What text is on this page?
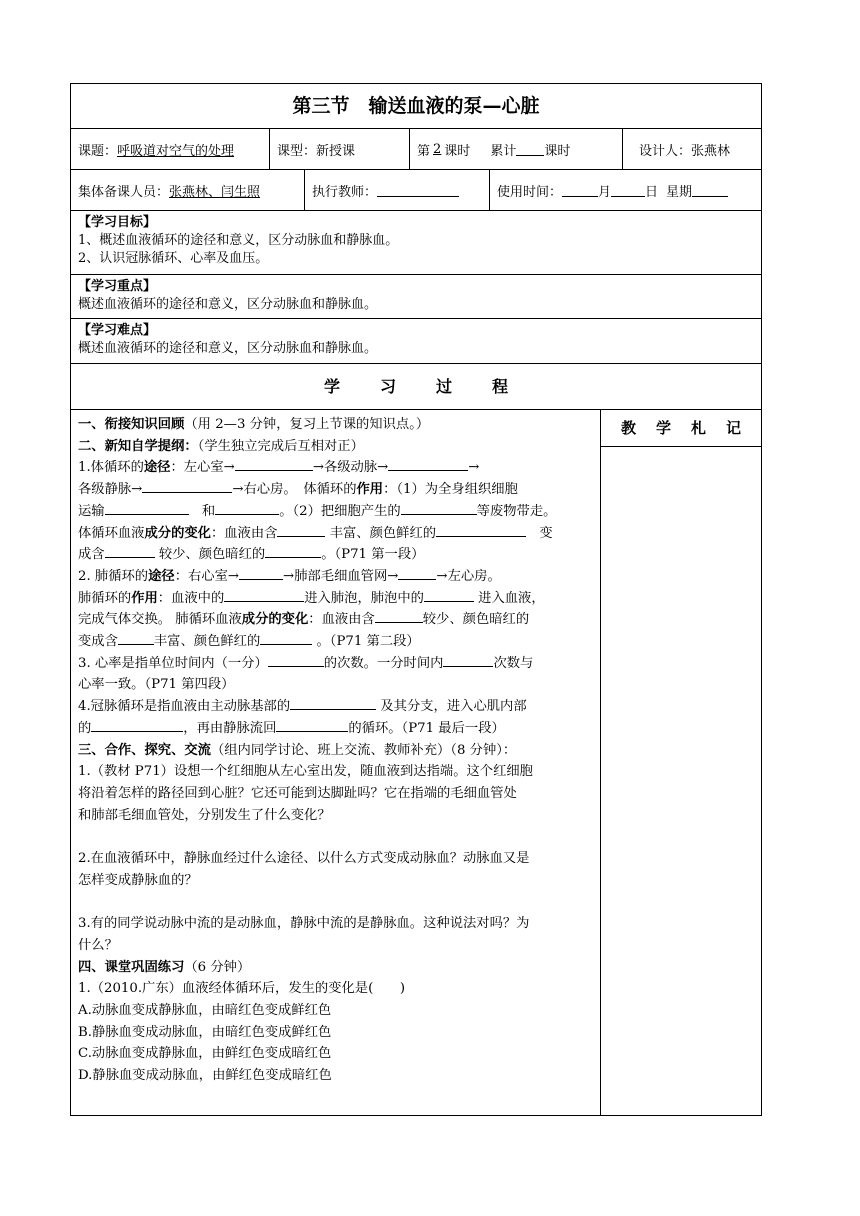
第三节　输送血液的泵—心脏
课题： 呼吸道对空气的处理	课型：新授课	第 2 课时 累计 课时	设计人：张燕林
集体备课人员： 张燕林、闫生照	执行教师：	使用时间：	月	日 星期
【学习目标】
1、概述血液循环的途径和意义，区分动脉血和静脉血。
2、认识冠脉循环、心率及血压。
【学习重点】
概述血液循环的途径和意义，区分动脉血和静脉血。
【学习难点】
概述血液循环的途径和意义，区分动脉血和静脉血。
学	习	过	程

一、衔接知识回顾（用 2—3 分钟，复习上节课的知识点。）

二、新知自学提纲：（学生独立完成后互相对正）

1.体循环的途径：左心室→	→各级动脉→	→

各级静脉→	→右心房。　体循环的作用：（1）为全身组织细胞

运输　	和	。（2）把细胞产生的	等废物带走。

体循环血液成分的变化：血液由含	丰富、颜色鲜红的　	变

成含	较少、颜色暗红的	。（P71 第一段）

2. 肺循环的途径：右心室→	→肺部毛细血管网→	→左心房。

肺循环的作用：血液中的	进入肺泡，肺泡中的	进入血液，

完成气体交换。 肺循环血液成分的变化：血液由含	较少、颜色暗红的

变成含	丰富、颜色鲜红的	。（P71 第二段）

3. 心率是指单位时间内（一分）	的次数。一分时间内	次数与

心率一致。（P71 第四段）

4.冠脉循环是指血液由主动脉基部的	及其分支，进入心肌内部

的	，再由静脉流回	的循环。（P71 最后一段）

三、合作、探究、交流（组内同学讨论、班上交流、教师补充）（8 分钟）：

1.（教材 P71）设想一个红细胞从左心室出发，随血液到达指端。这个红细胞

将沿着怎样的路径回到心脏？它还可能到达脚趾吗？它在指端的毛细血管处

和肺部毛细血管处，分别发生了什么变化？

2.在血液循环中，静脉血经过什么途径、以什么方式变成动脉血？动脉血又是

怎样变成静脉血的？

3.有的同学说动脉中流的是动脉血，静脉中流的是静脉血。这种说法对吗？为

什么？

四、课堂巩固练习（6 分钟）

1.（2010.广东）血液经体循环后，发生的变化是(　　)

A.动脉血变成静脉血，由暗红色变成鲜红色

B.静脉血变成动脉血，由暗红色变成鲜红色

C.动脉血变成静脉血，由鲜红色变成暗红色

D.静脉血变成动脉血，由鲜红色变成暗红色

教 学 札 记
